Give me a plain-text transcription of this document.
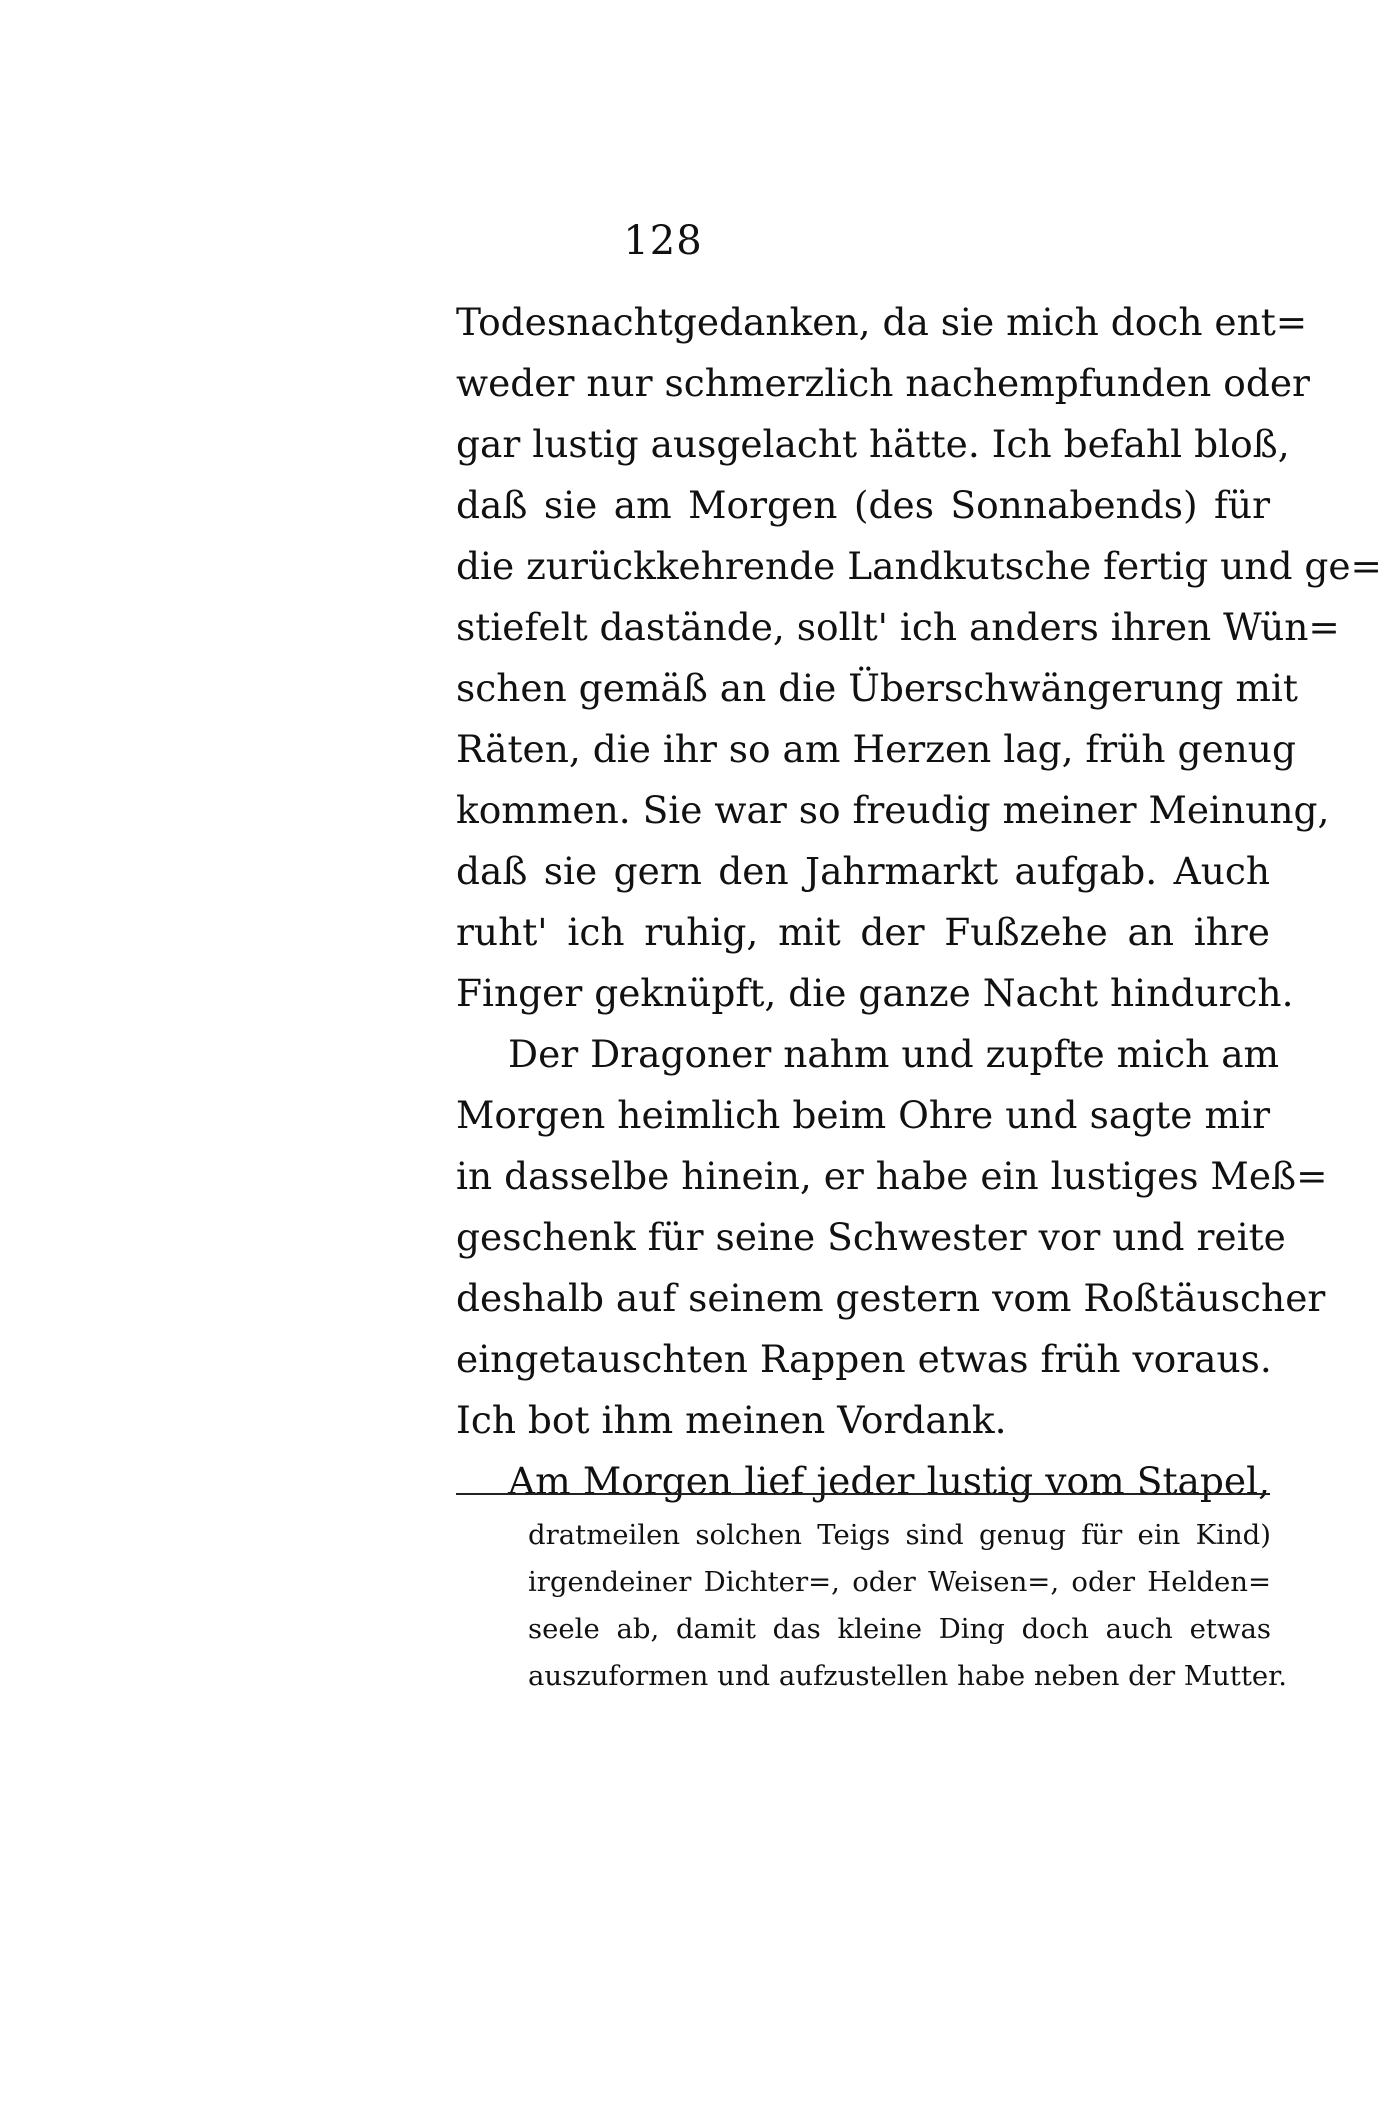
128
Todesnachtgedanken, da sie mich doch ent=
weder nur schmerzlich nachempfunden oder
gar lustig ausgelacht hätte. Ich befahl bloß,
daß sie am Morgen (des Sonnabends) für
die zurückkehrende Landkutsche fertig und ge=
stiefelt daständе, sollt' ich anders ihren Wün=
schen gemäß an die Überschwängerung mit
Räten, die ihr so am Herzen lag, früh genug
kommen. Sie war so freudig meiner Meinung,
daß sie gern den Jahrmarkt aufgab. Auch
ruht' ich ruhig, mit der Fußzehe an ihre
Finger geknüpft, die ganze Nacht hindurch.
Der Dragoner nahm und zupfte mich am
Morgen heimlich beim Ohre und sagte mir
in dasselbe hinein, er habe ein lustiges Meß=
geschenk für seine Schwester vor und reite
deshalb auf seinem gestern vom Roßtäuscher
eingetauschten Rappen etwas früh voraus.
Ich bot ihm meinen Vordank.
Am Morgen lief jeder lustig vom Stapel,
dratmeilen solchen Teigs sind genug für ein Kind)
irgendeiner Dichter=, oder Weisen=, oder Helden=
seele ab, damit das kleine Ding doch auch etwas
auszuformen und aufzustellen habe neben der Mutter.
